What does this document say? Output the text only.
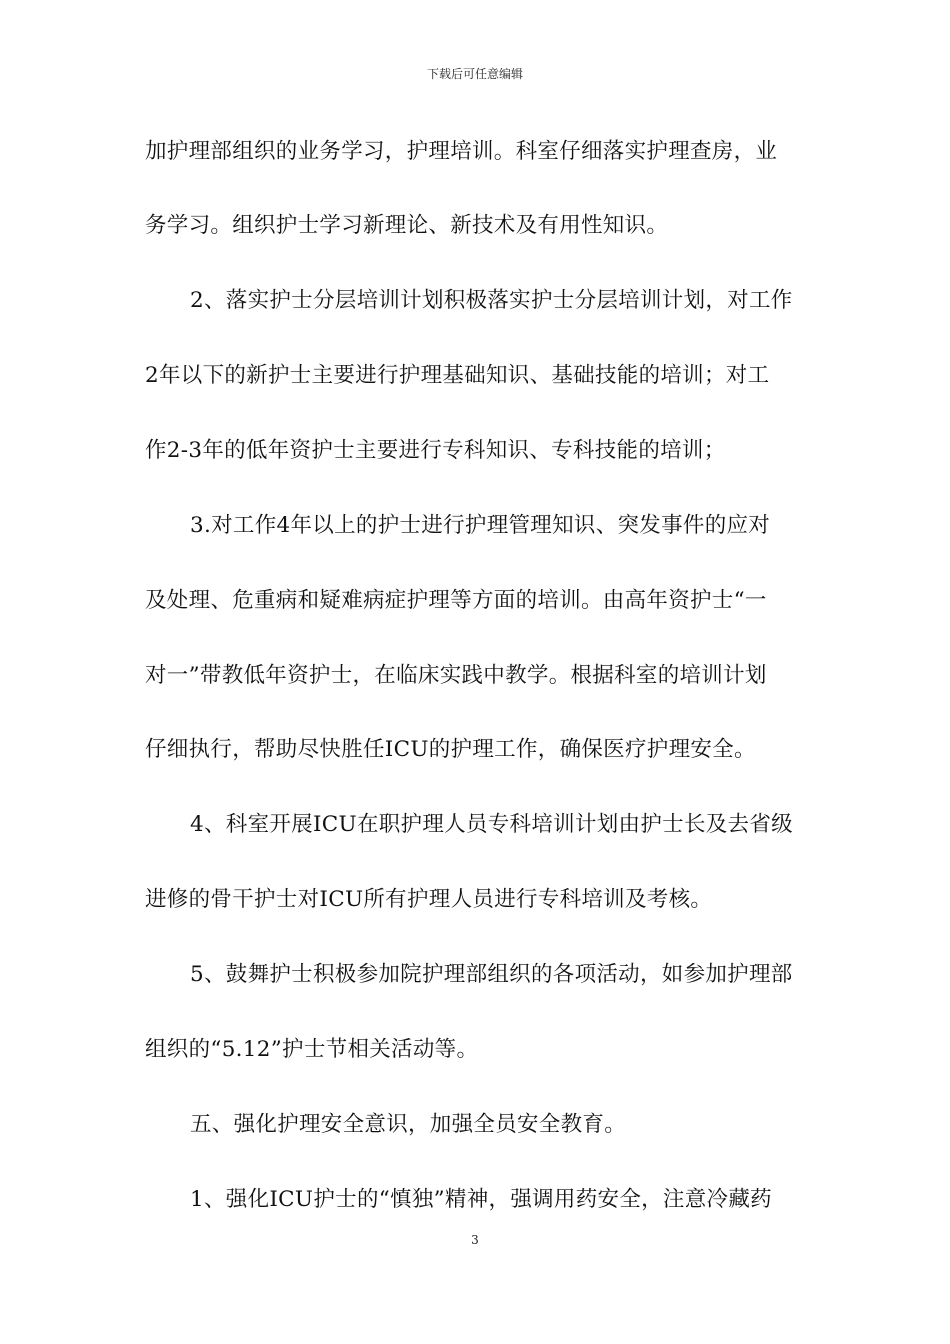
下载后可任意编辑
加护理部组织的业务学习，护理培训。科室仔细落实护理查房，业
务学习。组织护士学习新理论、新技术及有用性知识。
2、落实护士分层培训计划积极落实护士分层培训计划，对工作
2年以下的新护士主要进行护理基础知识、基础技能的培训；对工
作2-3年的低年资护士主要进行专科知识、专科技能的培训；
3.对工作4年以上的护士进行护理管理知识、突发事件的应对
及处理、危重病和疑难病症护理等方面的培训。由高年资护士“一
对一”带教低年资护士，在临床实践中教学。根据科室的培训计划
仔细执行，帮助尽快胜任ICU的护理工作，确保医疗护理安全。
4、科室开展ICU在职护理人员专科培训计划由护士长及去省级
进修的骨干护士对ICU所有护理人员进行专科培训及考核。
5、鼓舞护士积极参加院护理部组织的各项活动，如参加护理部
组织的“5.12”护士节相关活动等。
五、强化护理安全意识，加强全员安全教育。
1、强化ICU护士的“慎独”精神，强调用药安全，注意冷藏药
3
